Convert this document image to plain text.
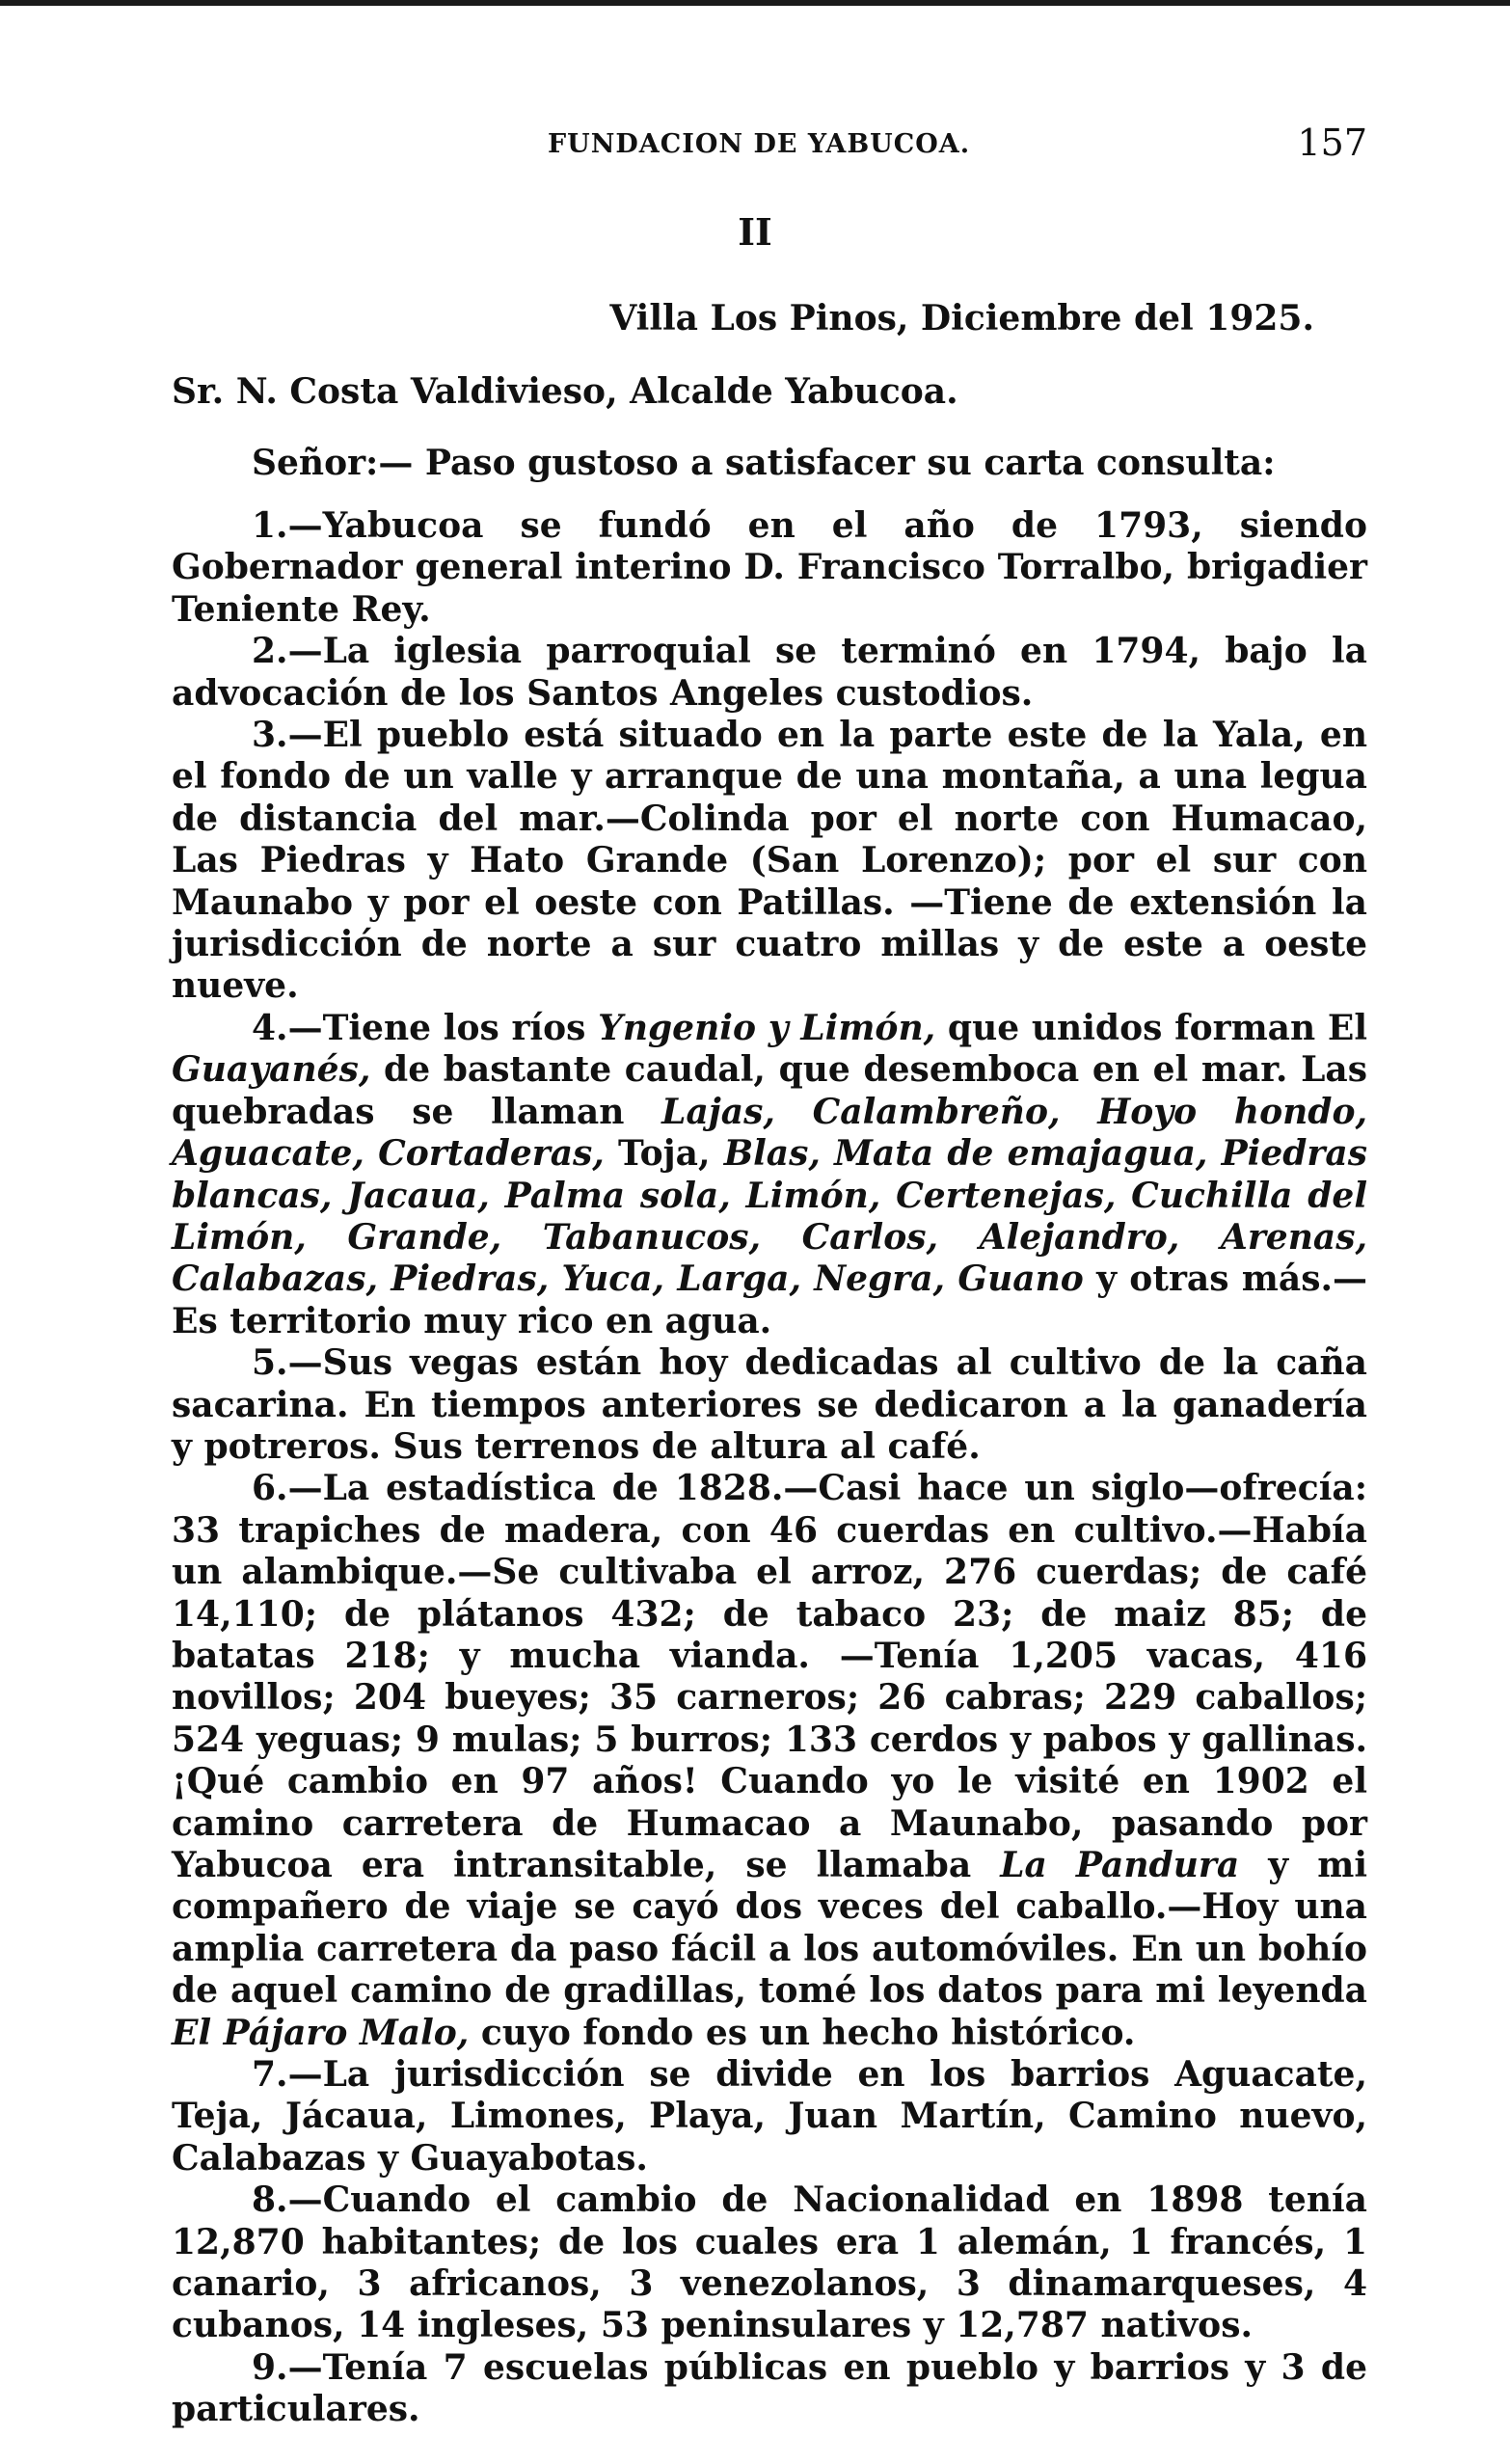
FUNDACION DE YABUCOA.	157
II
Villa Los Pinos, Diciembre del 1925.
Sr. N. Costa Valdivieso, Alcalde Yabucoa.
Señor:— Paso gustoso a satisfacer su carta consulta:

1.—Yabucoa se fundó en el año de 1793, siendo Gobernador general interino D. Francisco Torralbo, brigadier Teniente Rey.

2.—La iglesia parroquial se terminó en 1794, bajo la advocación de los Santos Angeles custodios.

3.—El pueblo está situado en la parte este de la Yala, en el fondo de un valle y arranque de una montaña, a una legua de distancia del mar.—Colinda por el norte con Humacao, Las Piedras y Hato Grande (San Lorenzo); por el sur con Maunabo y por el oeste con Patillas. —Tiene de extensión la jurisdicción de norte a sur cuatro millas y de este a oeste nueve.

4.—Tiene los ríos Yngenio y Limón, que unidos forman El Guayanés, de bastante caudal, que desemboca en el mar. Las quebradas se llaman Lajas, Calambreño, Hoyo hondo, Aguacate, Cortaderas, Toja, Blas, Mata de emajagua, Piedras blancas, Jacaua, Palma sola, Limón, Certenejas, Cuchilla del Limón, Grande, Tabanucos, Carlos, Alejandro, Arenas, Calabazas, Piedras, Yuca, Larga, Negra, Guano y otras más.—Es territorio muy rico en agua.

5.—Sus vegas están hoy dedicadas al cultivo de la caña sacarina. En tiempos anteriores se dedicaron a la ganadería y potreros. Sus terrenos de altura al café.

6.—La estadística de 1828.—Casi hace un siglo—ofrecía: 33 trapiches de madera, con 46 cuerdas en cultivo.—Había un alambique.—Se cultivaba el arroz, 276 cuerdas; de café 14,110; de plátanos 432; de tabaco 23; de maiz 85; de batatas 218; y mucha vianda. —Tenía 1,205 vacas, 416 novillos; 204 bueyes; 35 carneros; 26 cabras; 229 caballos; 524 yeguas; 9 mulas; 5 burros; 133 cerdos y pabos y gallinas. ¡Qué cambio en 97 años! Cuando yo le visité en 1902 el camino carretera de Humacao a Maunabo, pasando por Yabucoa era intransitable, se llamaba La Pandura y mi compañero de viaje se cayó dos veces del caballo.—Hoy una amplia carretera da paso fácil a los automóviles. En un bohío de aquel camino de gradillas, tomé los datos para mi leyenda El Pájaro Malo, cuyo fondo es un hecho histórico.

7.—La jurisdicción se divide en los barrios Aguacate, Teja, Jácaua, Limones, Playa, Juan Martín, Camino nuevo, Calabazas y Guayabotas.

8.—Cuando el cambio de Nacionalidad en 1898 tenía 12,870 habitantes; de los cuales era 1 alemán, 1 francés, 1 canario, 3 africanos, 3 venezolanos, 3 dinamarqueses, 4 cubanos, 14 ingleses, 53 peninsulares y 12,787 nativos.

9.—Tenía 7 escuelas públicas en pueblo y barrios y 3 de particulares.
